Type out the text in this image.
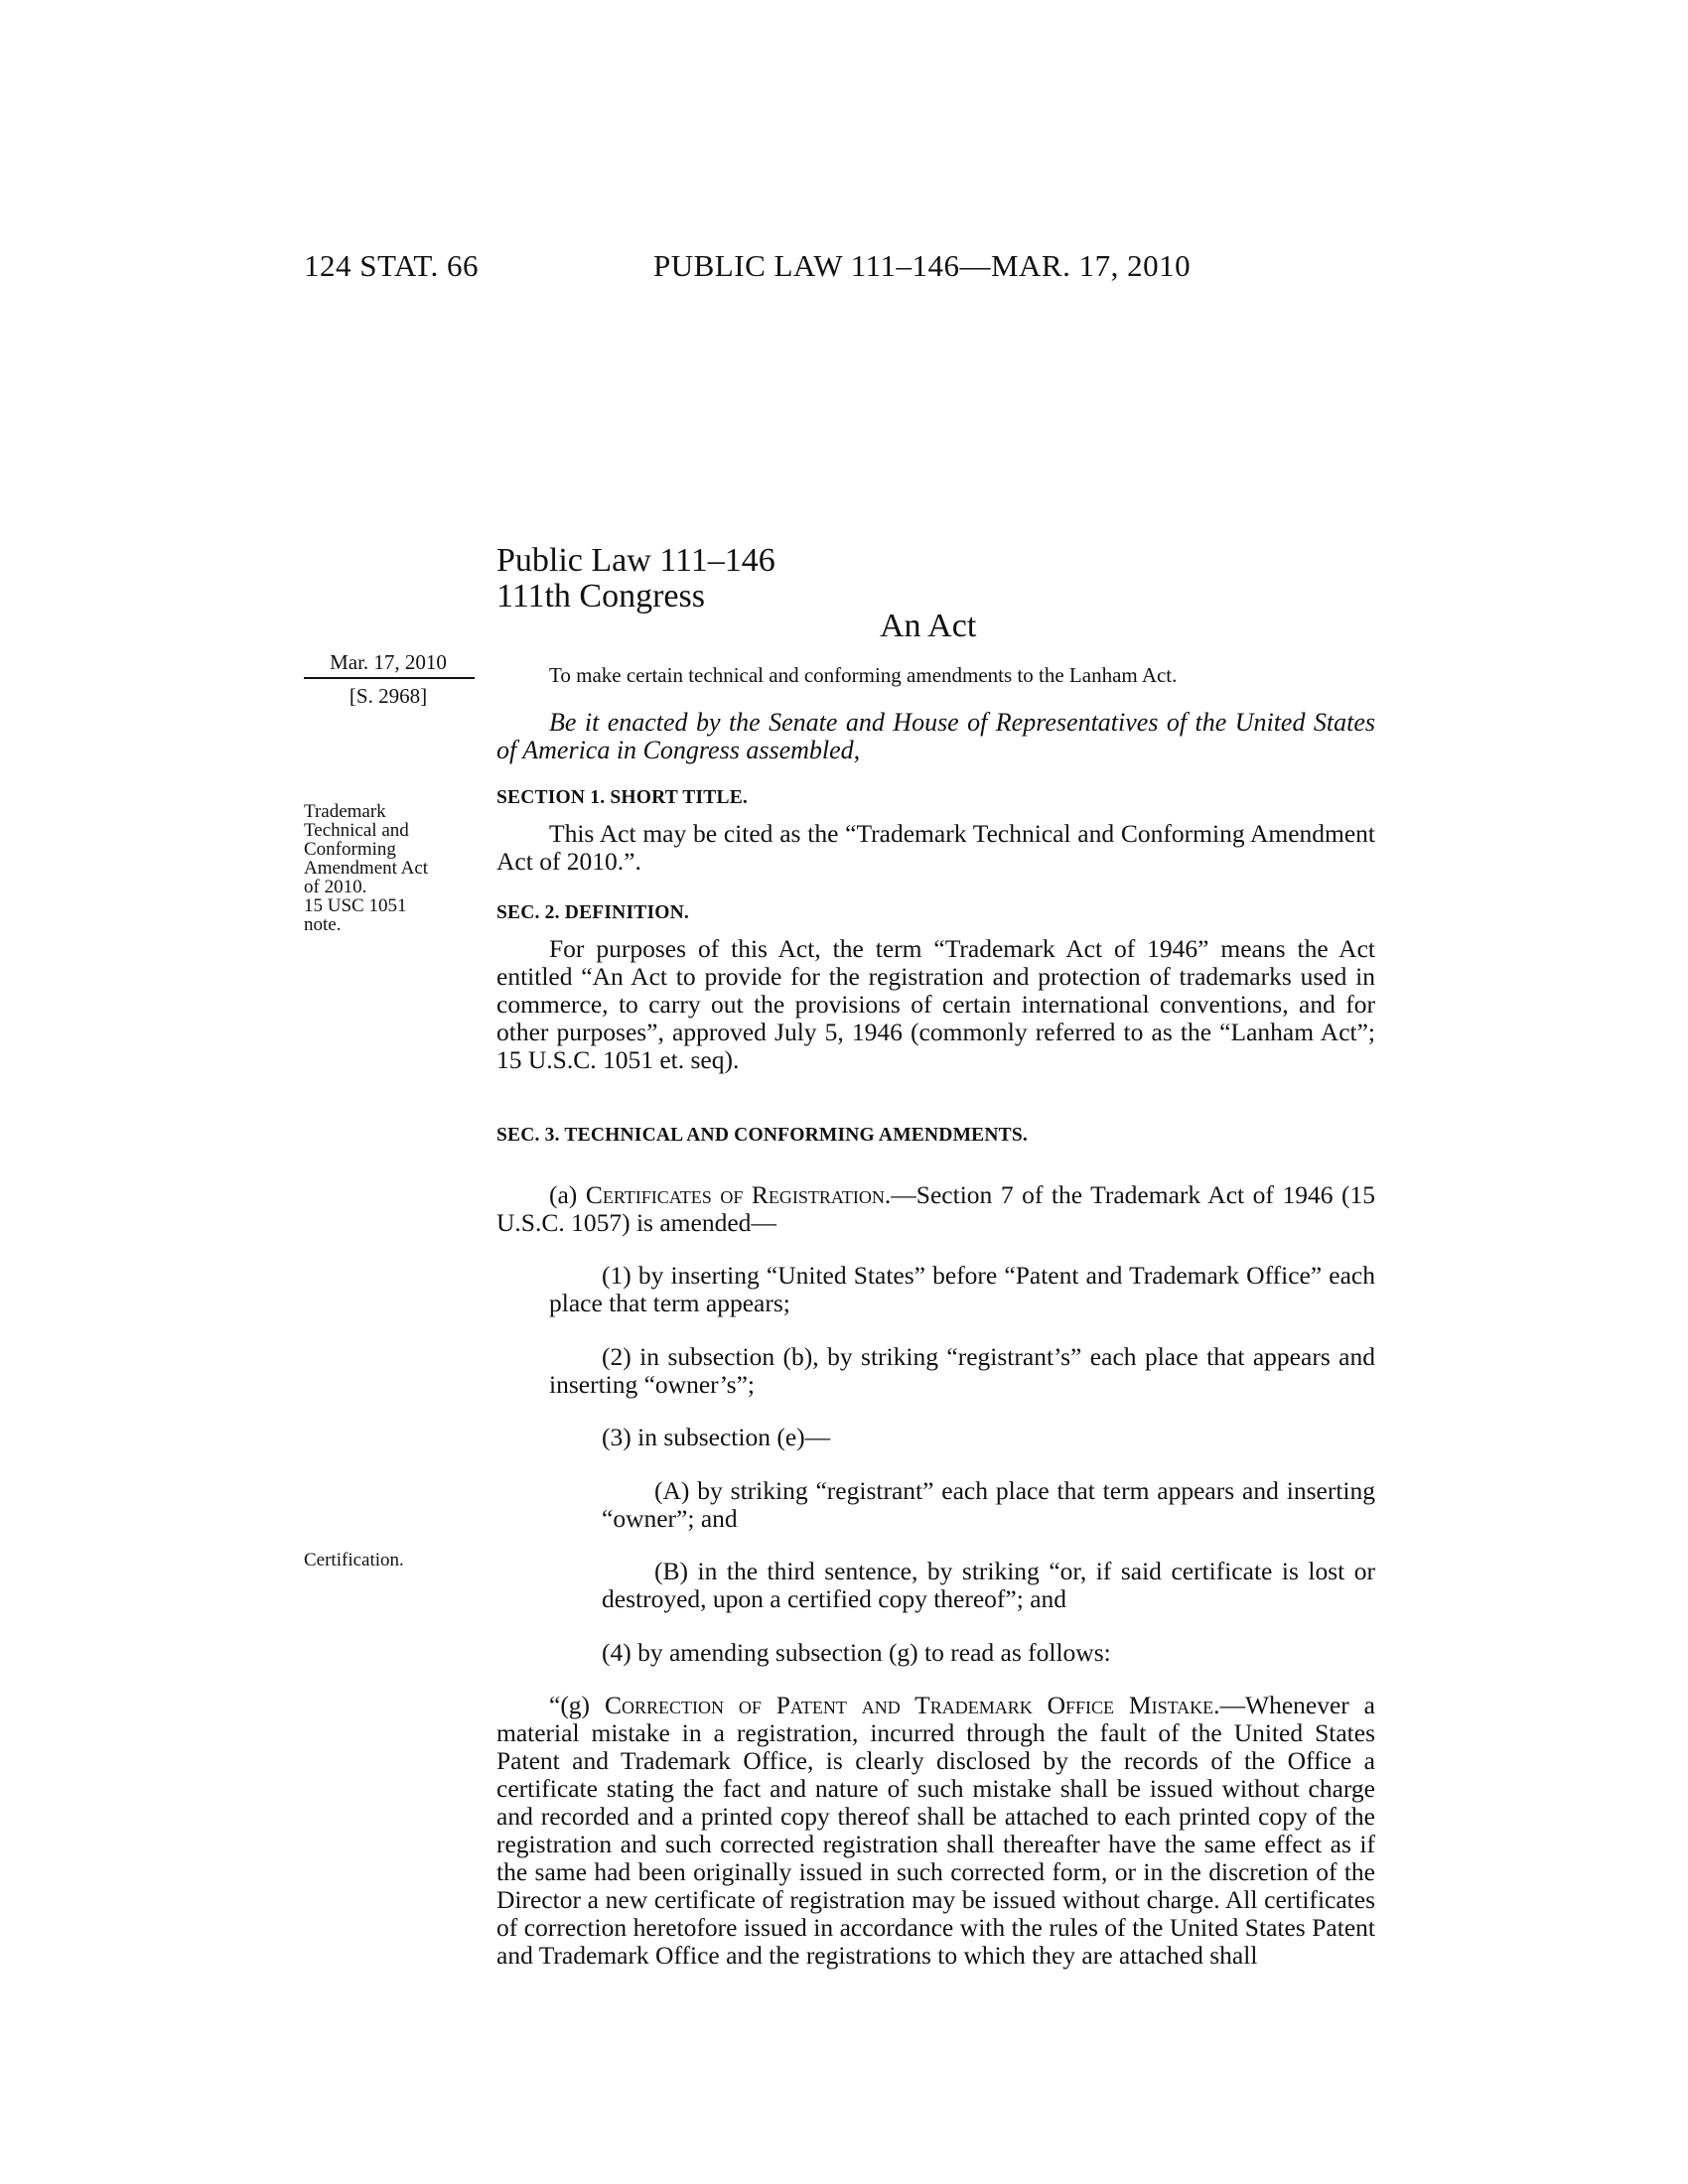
124 STAT. 66	PUBLIC LAW 111–146—MAR. 17, 2010
Public Law 111–146
111th Congress
An Act
Mar. 17, 2010
[S. 2968]
To make certain technical and conforming amendments to the Lanham Act.
Trademark
Technical and
Conforming
Amendment Act
of 2010.
15 USC 1051
note.
Certification.

Be it enacted by the Senate and House of Representatives of the United States of America in Congress assembled,

SECTION 1. SHORT TITLE.

This Act may be cited as the “Trademark Technical and Conforming Amendment Act of 2010.”.

SEC. 2. DEFINITION.

For purposes of this Act, the term “Trademark Act of 1946” means the Act entitled “An Act to provide for the registration and protection of trademarks used in commerce, to carry out the provisions of certain international conventions, and for other purposes”, approved July 5, 1946 (commonly referred to as the “Lanham Act”; 15 U.S.C. 1051 et. seq).

SEC. 3. TECHNICAL AND CONFORMING AMENDMENTS.

(a) Certificates of Registration.—Section 7 of the Trademark Act of 1946 (15 U.S.C. 1057) is amended—

(1) by inserting “United States” before “Patent and Trademark Office” each place that term appears;

(2) in subsection (b), by striking “registrant’s” each place that appears and inserting “owner’s”;

(3) in subsection (e)—

(A) by striking “registrant” each place that term appears and inserting “owner”; and

(B) in the third sentence, by striking “or, if said certificate is lost or destroyed, upon a certified copy thereof”; and

(4) by amending subsection (g) to read as follows:

“(g) Correction of Patent and Trademark Office Mistake.—Whenever a material mistake in a registration, incurred through the fault of the United States Patent and Trademark Office, is clearly disclosed by the records of the Office a certificate stating the fact and nature of such mistake shall be issued without charge and recorded and a printed copy thereof shall be attached to each printed copy of the registration and such corrected registration shall thereafter have the same effect as if the same had been originally issued in such corrected form, or in the discretion of the Director a new certificate of registration may be issued without charge. All certificates of correction heretofore issued in accordance with the rules of the United States Patent and Trademark Office and the registrations to which they are attached shall
